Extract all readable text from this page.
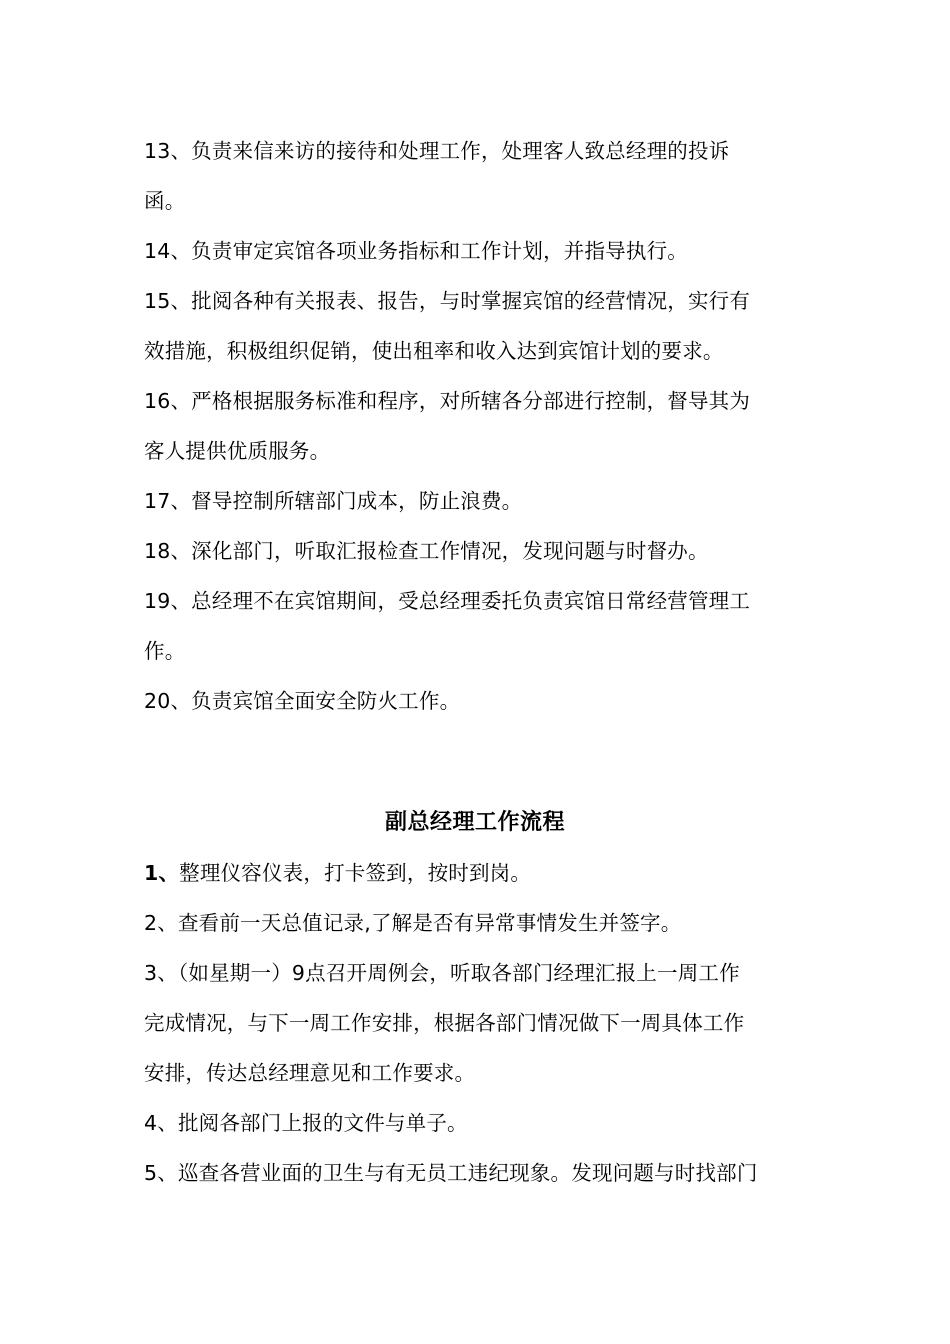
13、负责来信来访的接待和处理工作，处理客人致总经理的投诉
函。
14、负责审定宾馆各项业务指标和工作计划，并指导执行。
15、批阅各种有关报表、报告，与时掌握宾馆的经营情况，实行有
效措施，积极组织促销，使出租率和收入达到宾馆计划的要求。
16、严格根据服务标准和程序，对所辖各分部进行控制，督导其为
客人提供优质服务。
17、督导控制所辖部门成本，防止浪费。
18、深化部门，听取汇报检查工作情况，发现问题与时督办。
19、总经理不在宾馆期间，受总经理委托负责宾馆日常经营管理工
作。
20、负责宾馆全面安全防火工作。
副总经理工作流程
1、整理仪容仪表，打卡签到，按时到岗。
2、查看前一天总值记录,了解是否有异常事情发生并签字。
3、（如星期一）9点召开周例会，听取各部门经理汇报上一周工作
完成情况，与下一周工作安排，根据各部门情况做下一周具体工作
安排，传达总经理意见和工作要求。
4、批阅各部门上报的文件与单子。
5、巡查各营业面的卫生与有无员工违纪现象。发现问题与时找部门
